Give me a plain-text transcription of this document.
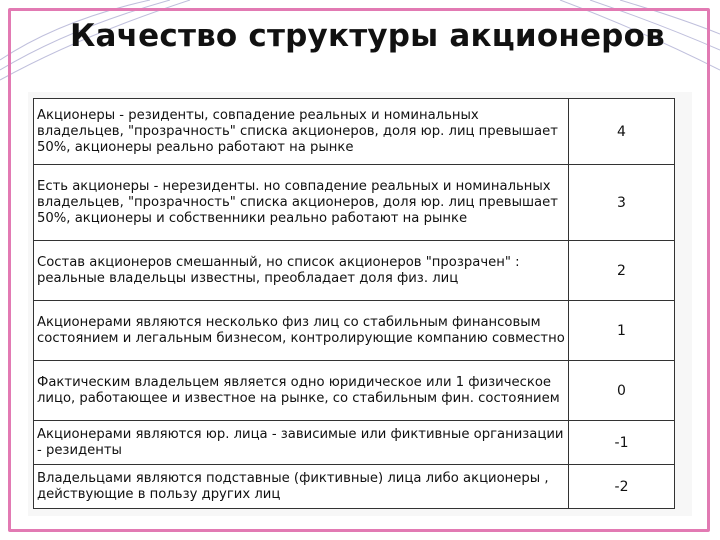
Качество структуры акционеров
Акционеры - резиденты, совпадение реальных и номинальных владельцев, "прозрачность" списка акционеров, доля юр. лиц превышает 50%, акционеры реально работают на рынке	4
Есть акционеры - нерезиденты. но совпадение реальных и номинальных владельцев, "прозрачность" списка акционеров, доля юр. лиц превышает 50%, акционеры и собственники реально работают на рынке	3
Состав акционеров смешанный, но список акционеров "прозрачен" : реальные владельцы известны, преобладает доля физ. лиц	2
Акционерами являются несколько физ лиц со стабильным финансовым состоянием и легальным бизнесом, контролирующие компанию совместно	1
Фактическим владельцем является одно юридическое или 1 физическое лицо, работающее и известное на рынке, со стабильным фин. состоянием	0
Акционерами являются юр. лица - зависимые или фиктивные организации - резиденты	-1
Владельцами являются подставные (фиктивные) лица либо акционеры , действующие в пользу других лиц	-2
